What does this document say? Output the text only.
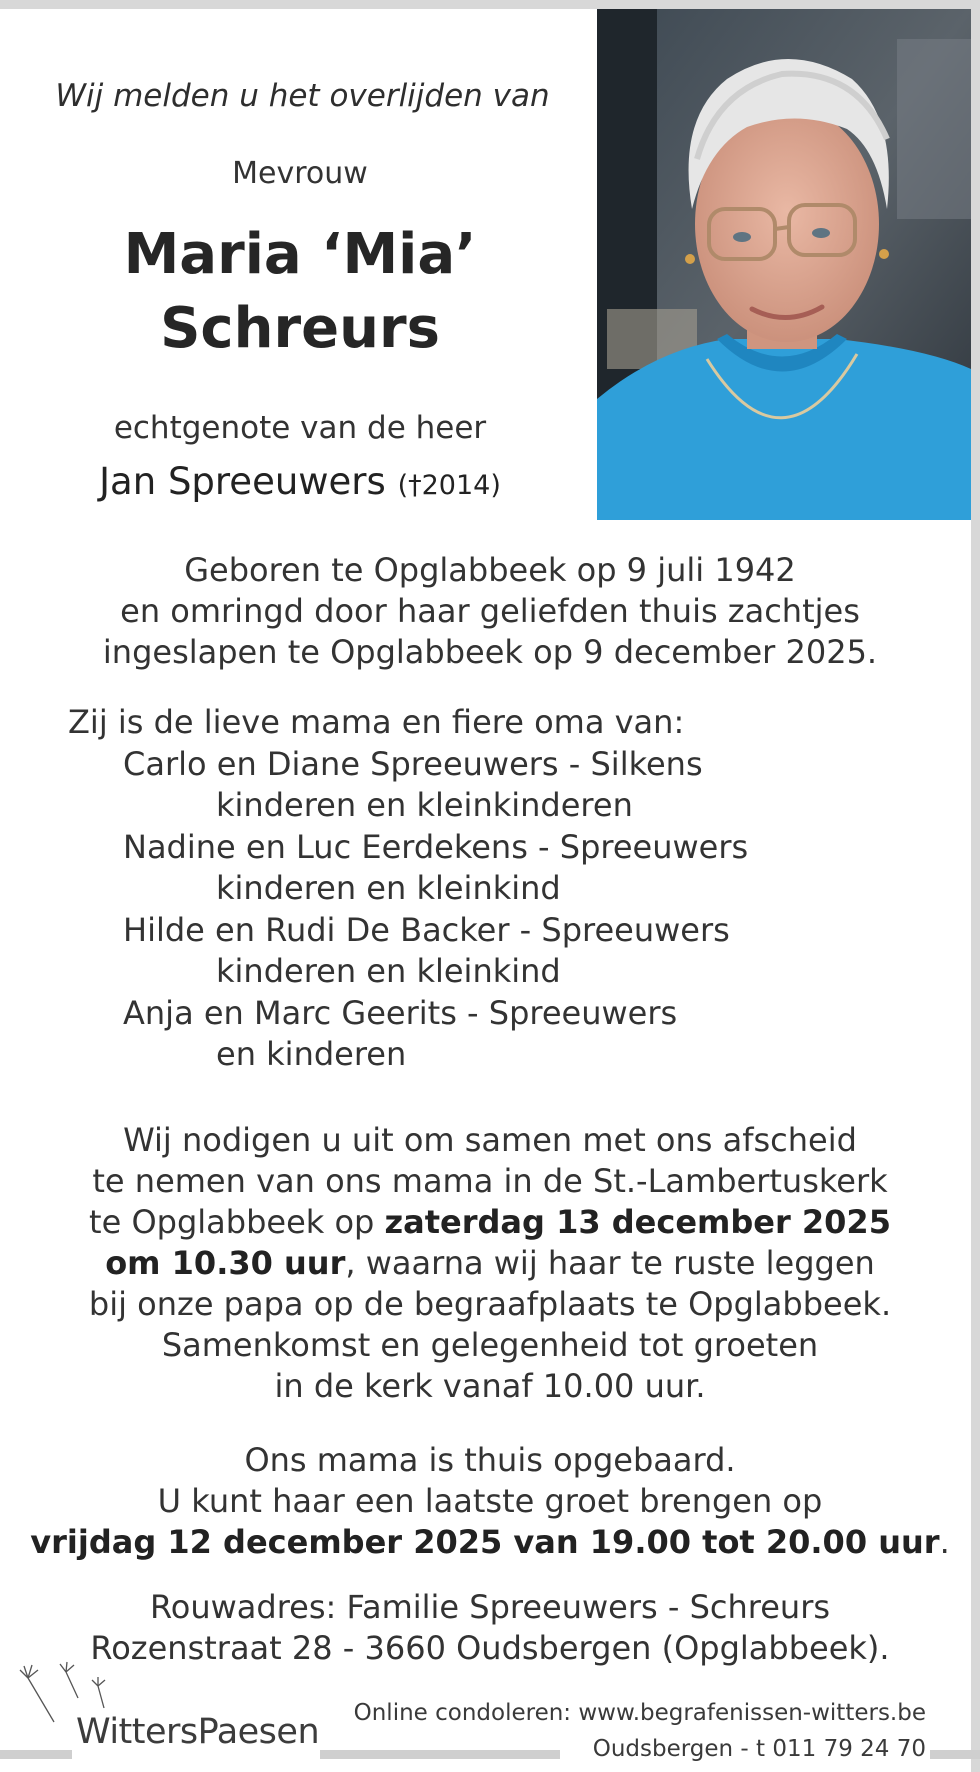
Wij melden u het overlijden van
Mevrouw
Maria ‘Mia’
Schreurs
echtgenote van de heer
Jan Spreeuwers (†2014)
Geboren te Opglabbeek op 9 juli 1942
en omringd door haar geliefden thuis zachtjes
ingeslapen te Opglabbeek op 9 december 2025.
Zij is de lieve mama en fiere oma van:
Carlo en Diane Spreeuwers - Silkens
kinderen en kleinkinderen
Nadine en Luc Eerdekens - Spreeuwers
kinderen en kleinkind
Hilde en Rudi De Backer - Spreeuwers
kinderen en kleinkind
Anja en Marc Geerits - Spreeuwers
en kinderen
Wij nodigen u uit om samen met ons afscheid
te nemen van ons mama in de St.-Lambertuskerk
te Opglabbeek op zaterdag 13 december 2025
om 10.30 uur, waarna wij haar te ruste leggen
bij onze papa op de begraafplaats te Opglabbeek.
Samenkomst en gelegenheid tot groeten
in de kerk vanaf 10.00 uur.
Ons mama is thuis opgebaard.
U kunt haar een laatste groet brengen op
vrijdag 12 december 2025 van 19.00 tot 20.00 uur.
Rouwadres: Familie Spreeuwers - Schreurs
Rozenstraat 28 - 3660 Oudsbergen (Opglabbeek).
WittersPaesen Online condoleren: www.begrafenissen-witters.be
Oudsbergen - t 011 79 24 70
